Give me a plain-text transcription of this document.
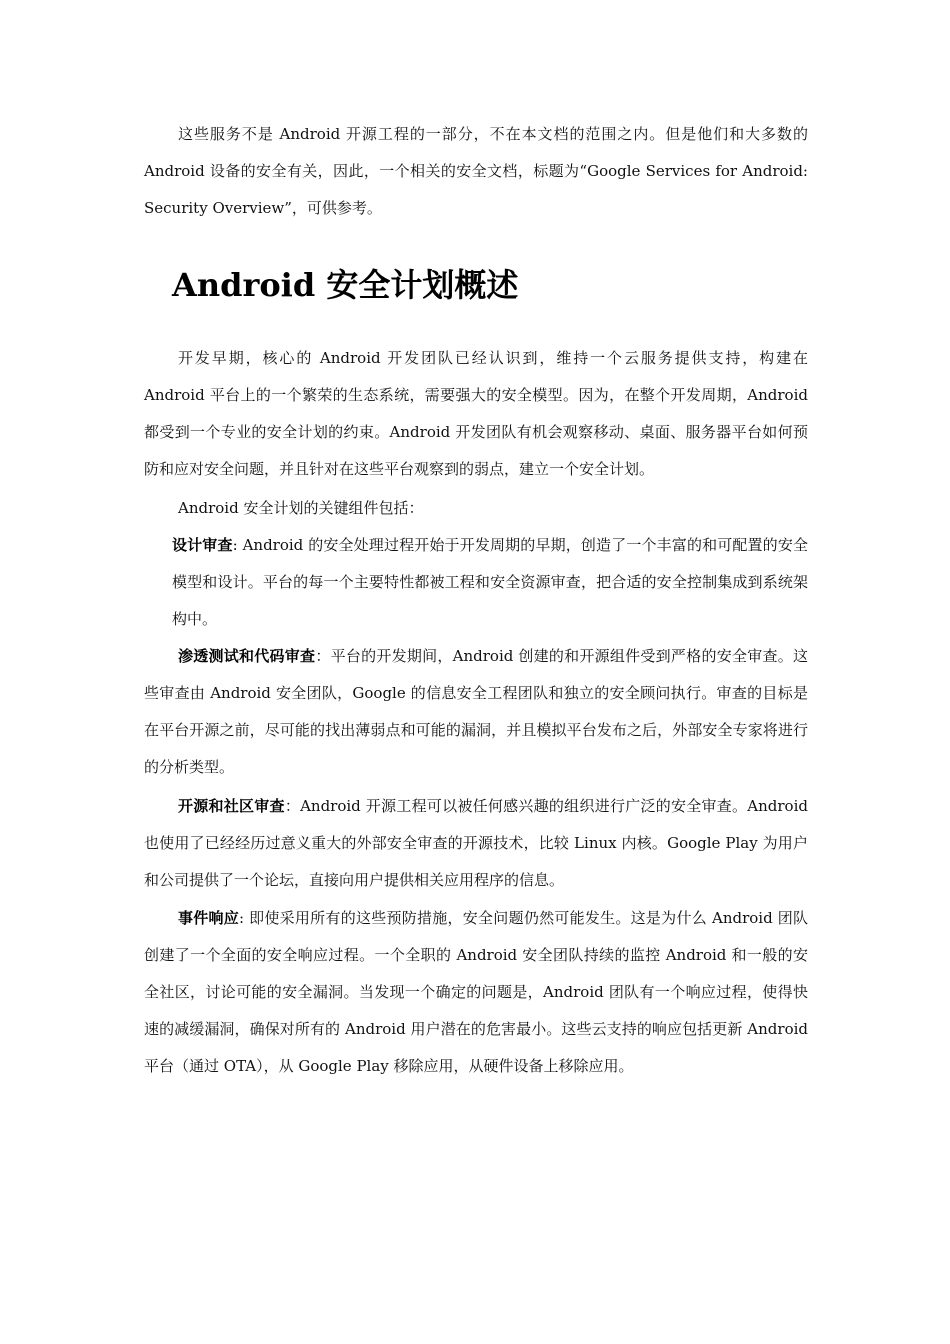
这些服务不是 Android 开源工程的一部分，不在本文档的范围之内。但是他们和大多数的 Android 设备的安全有关，因此，一个相关的安全文档，标题为“Google Services for Android: Security Overview”，可供参考。

Android 安全计划概述

开发早期，核心的 Android 开发团队已经认识到，维持一个云服务提供支持，构建在 Android 平台上的一个繁荣的生态系统，需要强大的安全模型。因为，在整个开发周期，Android 都受到一个专业的安全计划的约束。Android 开发团队有机会观察移动、桌面、服务器平台如何预防和应对安全问题，并且针对在这些平台观察到的弱点，建立一个安全计划。

Android 安全计划的关键组件包括：

设计审查: Android 的安全处理过程开始于开发周期的早期，创造了一个丰富的和可配置的安全模型和设计。平台的每一个主要特性都被工程和安全资源审查，把合适的安全控制集成到系统架构中。

渗透测试和代码审查：平台的开发期间，Android 创建的和开源组件受到严格的安全审查。这些审查由 Android 安全团队，Google 的信息安全工程团队和独立的安全顾问执行。审查的目标是在平台开源之前，尽可能的找出薄弱点和可能的漏洞，并且模拟平台发布之后，外部安全专家将进行的分析类型。

开源和社区审查：Android 开源工程可以被任何感兴趣的组织进行广泛的安全审查。Android 也使用了已经经历过意义重大的外部安全审查的开源技术，比较 Linux 内核。Google Play 为用户和公司提供了一个论坛，直接向用户提供相关应用程序的信息。

事件响应: 即使采用所有的这些预防措施，安全问题仍然可能发生。这是为什么 Android 团队创建了一个全面的安全响应过程。一个全职的 Android 安全团队持续的监控 Android 和一般的安全社区，讨论可能的安全漏洞。当发现一个确定的问题是，Android 团队有一个响应过程，使得快速的减缓漏洞，确保对所有的 Android 用户潜在的危害最小。这些云支持的响应包括更新 Android 平台（通过 OTA），从 Google Play 移除应用，从硬件设备上移除应用。
